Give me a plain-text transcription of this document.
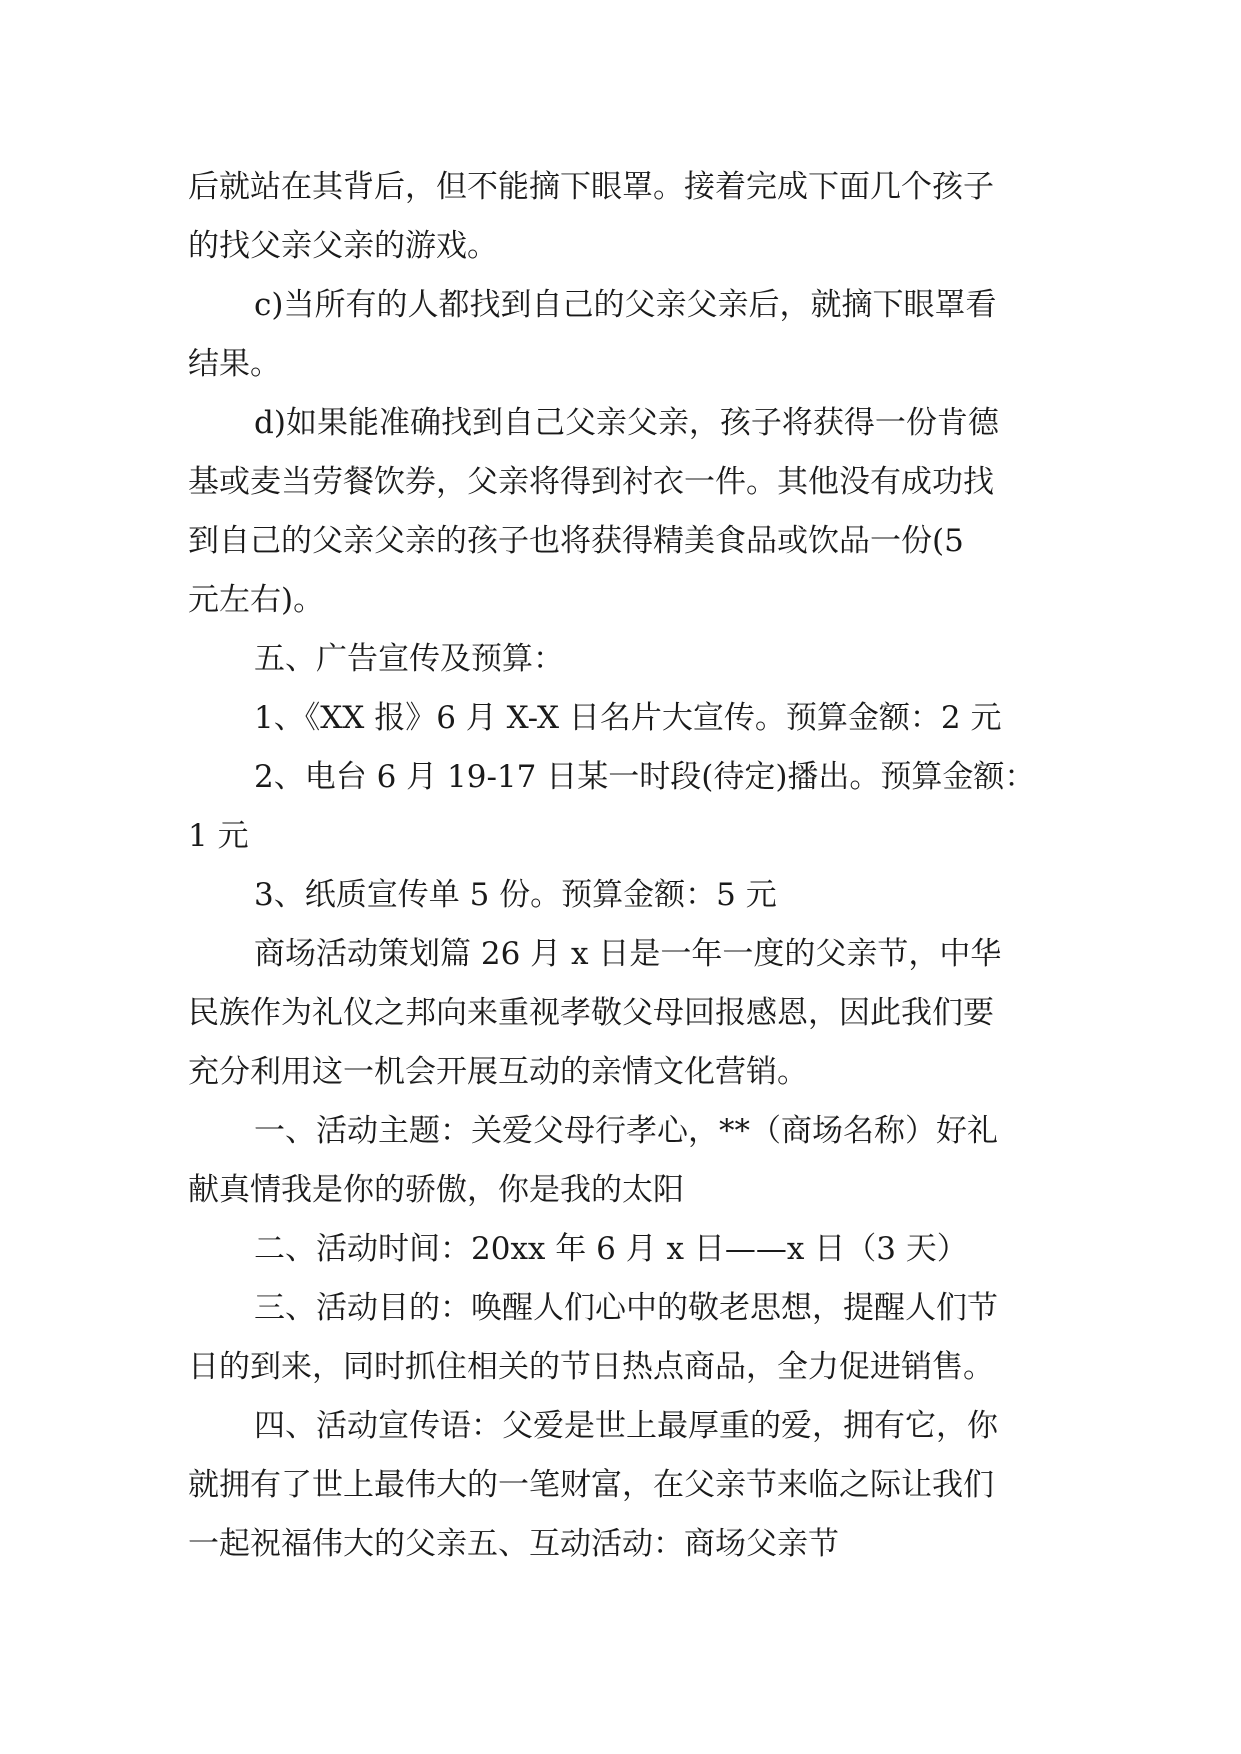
后就站在其背后，但不能摘下眼罩。接着完成下面几个孩子
的找父亲父亲的游戏。
c)当所有的人都找到自己的父亲父亲后，就摘下眼罩看
结果。
d)如果能准确找到自己父亲父亲，孩子将获得一份肯德
基或麦当劳餐饮券，父亲将得到衬衣一件。其他没有成功找
到自己的父亲父亲的孩子也将获得精美食品或饮品一份(5
元左右)。
五、广告宣传及预算：
1、《XX 报》6 月 X-X 日名片大宣传。预算金额：2 元
2、电台 6 月 19-17 日某一时段(待定)播出。预算金额：
1 元
3、纸质宣传单 5 份。预算金额：5 元
商场活动策划篇 26 月 x 日是一年一度的父亲节，中华
民族作为礼仪之邦向来重视孝敬父母回报感恩，因此我们要
充分利用这一机会开展互动的亲情文化营销。
一、活动主题：关爱父母行孝心，**（商场名称）好礼
献真情我是你的骄傲，你是我的太阳
二、活动时间：20xx 年 6 月 x 日——x 日（3 天）
三、活动目的：唤醒人们心中的敬老思想，提醒人们节
日的到来，同时抓住相关的节日热点商品，全力促进销售。
四、活动宣传语：父爱是世上最厚重的爱，拥有它，你
就拥有了世上最伟大的一笔财富，在父亲节来临之际让我们
一起祝福伟大的父亲五、互动活动：商场父亲节
